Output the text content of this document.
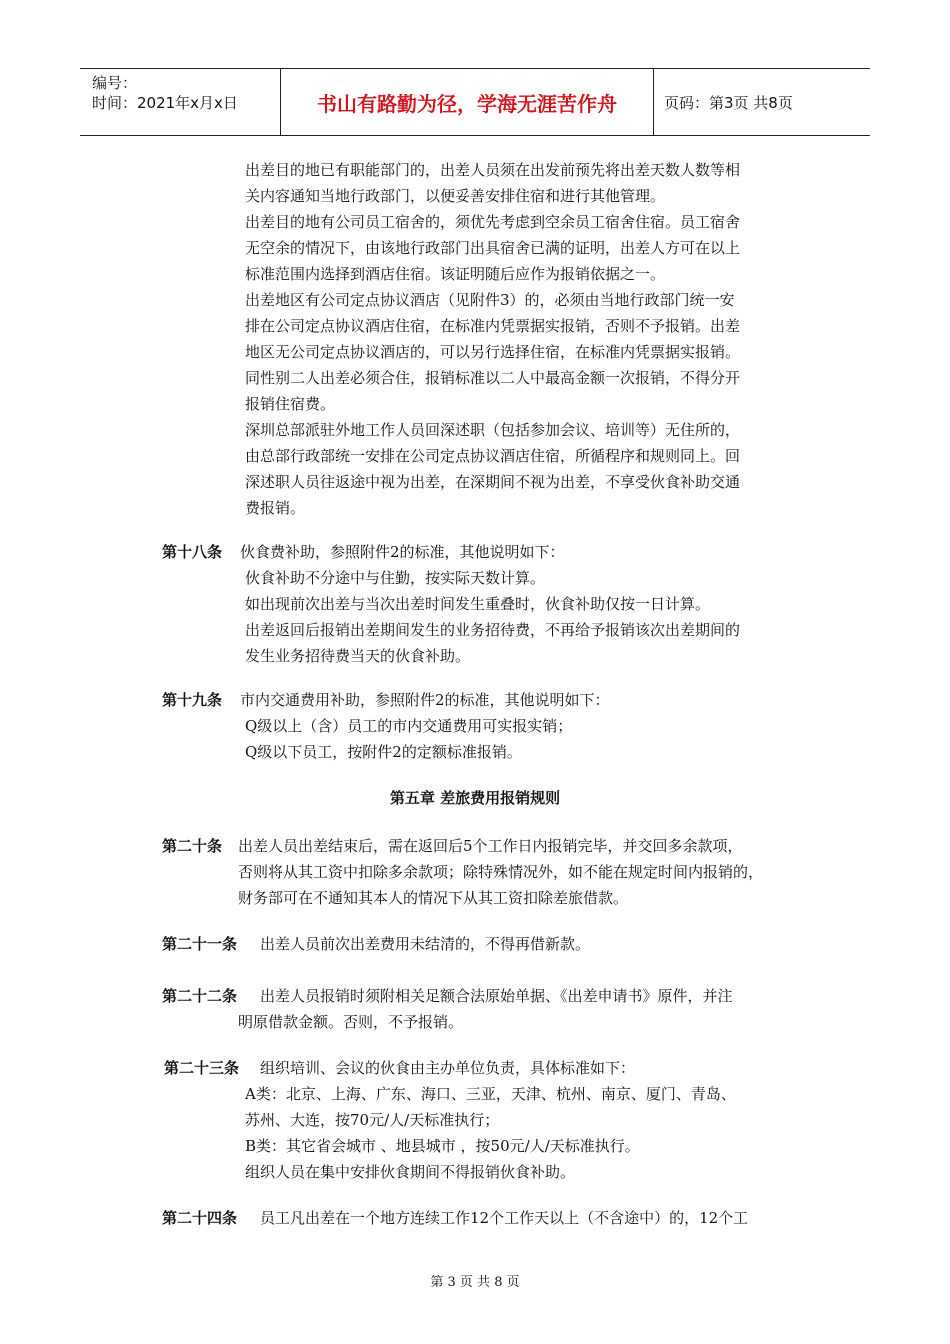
编号：
时间：2021年x月x日	书山有路勤为径，学海无涯苦作舟	页码：第3页 共8页
出差目的地已有职能部门的，出差人员须在出发前预先将出差天数人数等相
关内容通知当地行政部门，以便妥善安排住宿和进行其他管理。
出差目的地有公司员工宿舍的，须优先考虑到空余员工宿舍住宿。员工宿舍
无空余的情况下，由该地行政部门出具宿舍已满的证明，出差人方可在以上
标准范围内选择到酒店住宿。该证明随后应作为报销依据之一。
出差地区有公司定点协议酒店（见附件3）的，必须由当地行政部门统一安
排在公司定点协议酒店住宿，在标准内凭票据实报销，否则不予报销。出差
地区无公司定点协议酒店的，可以另行选择住宿，在标准内凭票据实报销。
同性别二人出差必须合住，报销标准以二人中最高金额一次报销，不得分开
报销住宿费。
深圳总部派驻外地工作人员回深述职（包括参加会议、培训等）无住所的，
由总部行政部统一安排在公司定点协议酒店住宿，所循程序和规则同上。回
深述职人员往返途中视为出差，在深期间不视为出差，不享受伙食补助交通
费报销。
第十八条 伙食费补助，参照附件2的标准，其他说明如下：
伙食补助不分途中与住勤，按实际天数计算。
如出现前次出差与当次出差时间发生重叠时，伙食补助仅按一日计算。
出差返回后报销出差期间发生的业务招待费，不再给予报销该次出差期间的
发生业务招待费当天的伙食补助。
第十九条 市内交通费用补助，参照附件2的标准，其他说明如下：
Q级以上（含）员工的市内交通费用可实报实销；
Q级以下员工，按附件2的定额标准报销。
第五章 差旅费用报销规则
第二十条 出差人员出差结束后，需在返回后5个工作日内报销完毕，并交回多余款项，
否则将从其工资中扣除多余款项；除特殊情况外，如不能在规定时间内报销的，
财务部可在不通知其本人的情况下从其工资扣除差旅借款。
第二十一条 出差人员前次出差费用未结清的，不得再借新款。
第二十二条 出差人员报销时须附相关足额合法原始单据、《出差申请书》原件，并注
明原借款金额。否则，不予报销。
第二十三条 组织培训、会议的伙食由主办单位负责，具体标准如下：
A类：北京、上海、广东、海口、三亚，天津、杭州、南京、厦门、青岛、
苏州、大连，按70元/人/天标准执行；
B类：其它省会城市 、地县城市 ，按50元/人/天标准执行。
组织人员在集中安排伙食期间不得报销伙食补助。
第二十四条 员工凡出差在一个地方连续工作12个工作天以上（不含途中）的，12个工
第 3 页 共 8 页
